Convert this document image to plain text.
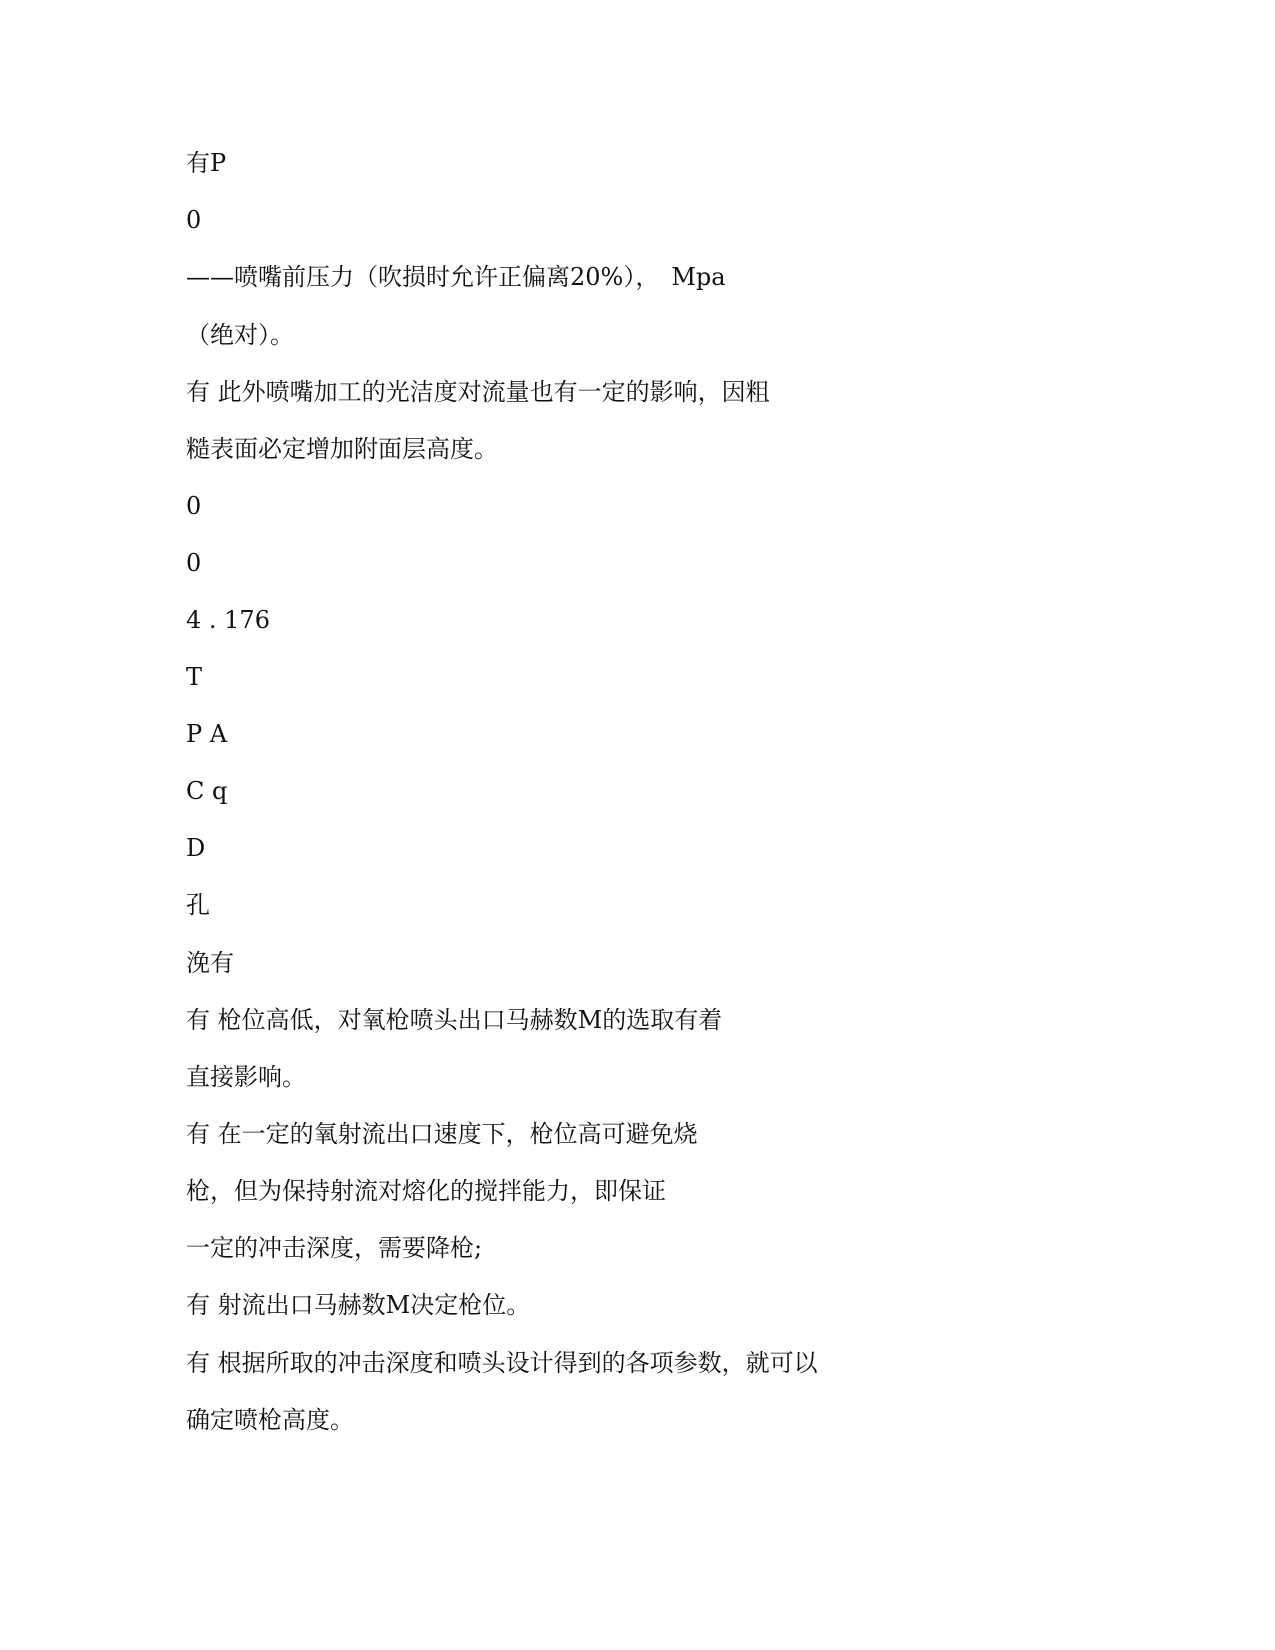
有P

0

——喷嘴前压力（吹损时允许正偏离20%），　Mpa

（绝对）。

有 此外喷嘴加工的光洁度对流量也有一定的影响，因粗

糙表面必定增加附面层高度。

0

0

4 . 176

T

P A

C q

D

孔

浼有

有 枪位高低，对氧枪喷头出口马赫数M的选取有着

直接影响。

有 在一定的氧射流出口速度下，枪位高可避免烧

枪，但为保持射流对熔化的搅拌能力，即保证

一定的冲击深度，需要降枪;

有 射流出口马赫数M决定枪位。

有 根据所取的冲击深度和喷头设计得到的各项参数，就可以

确定喷枪高度。
